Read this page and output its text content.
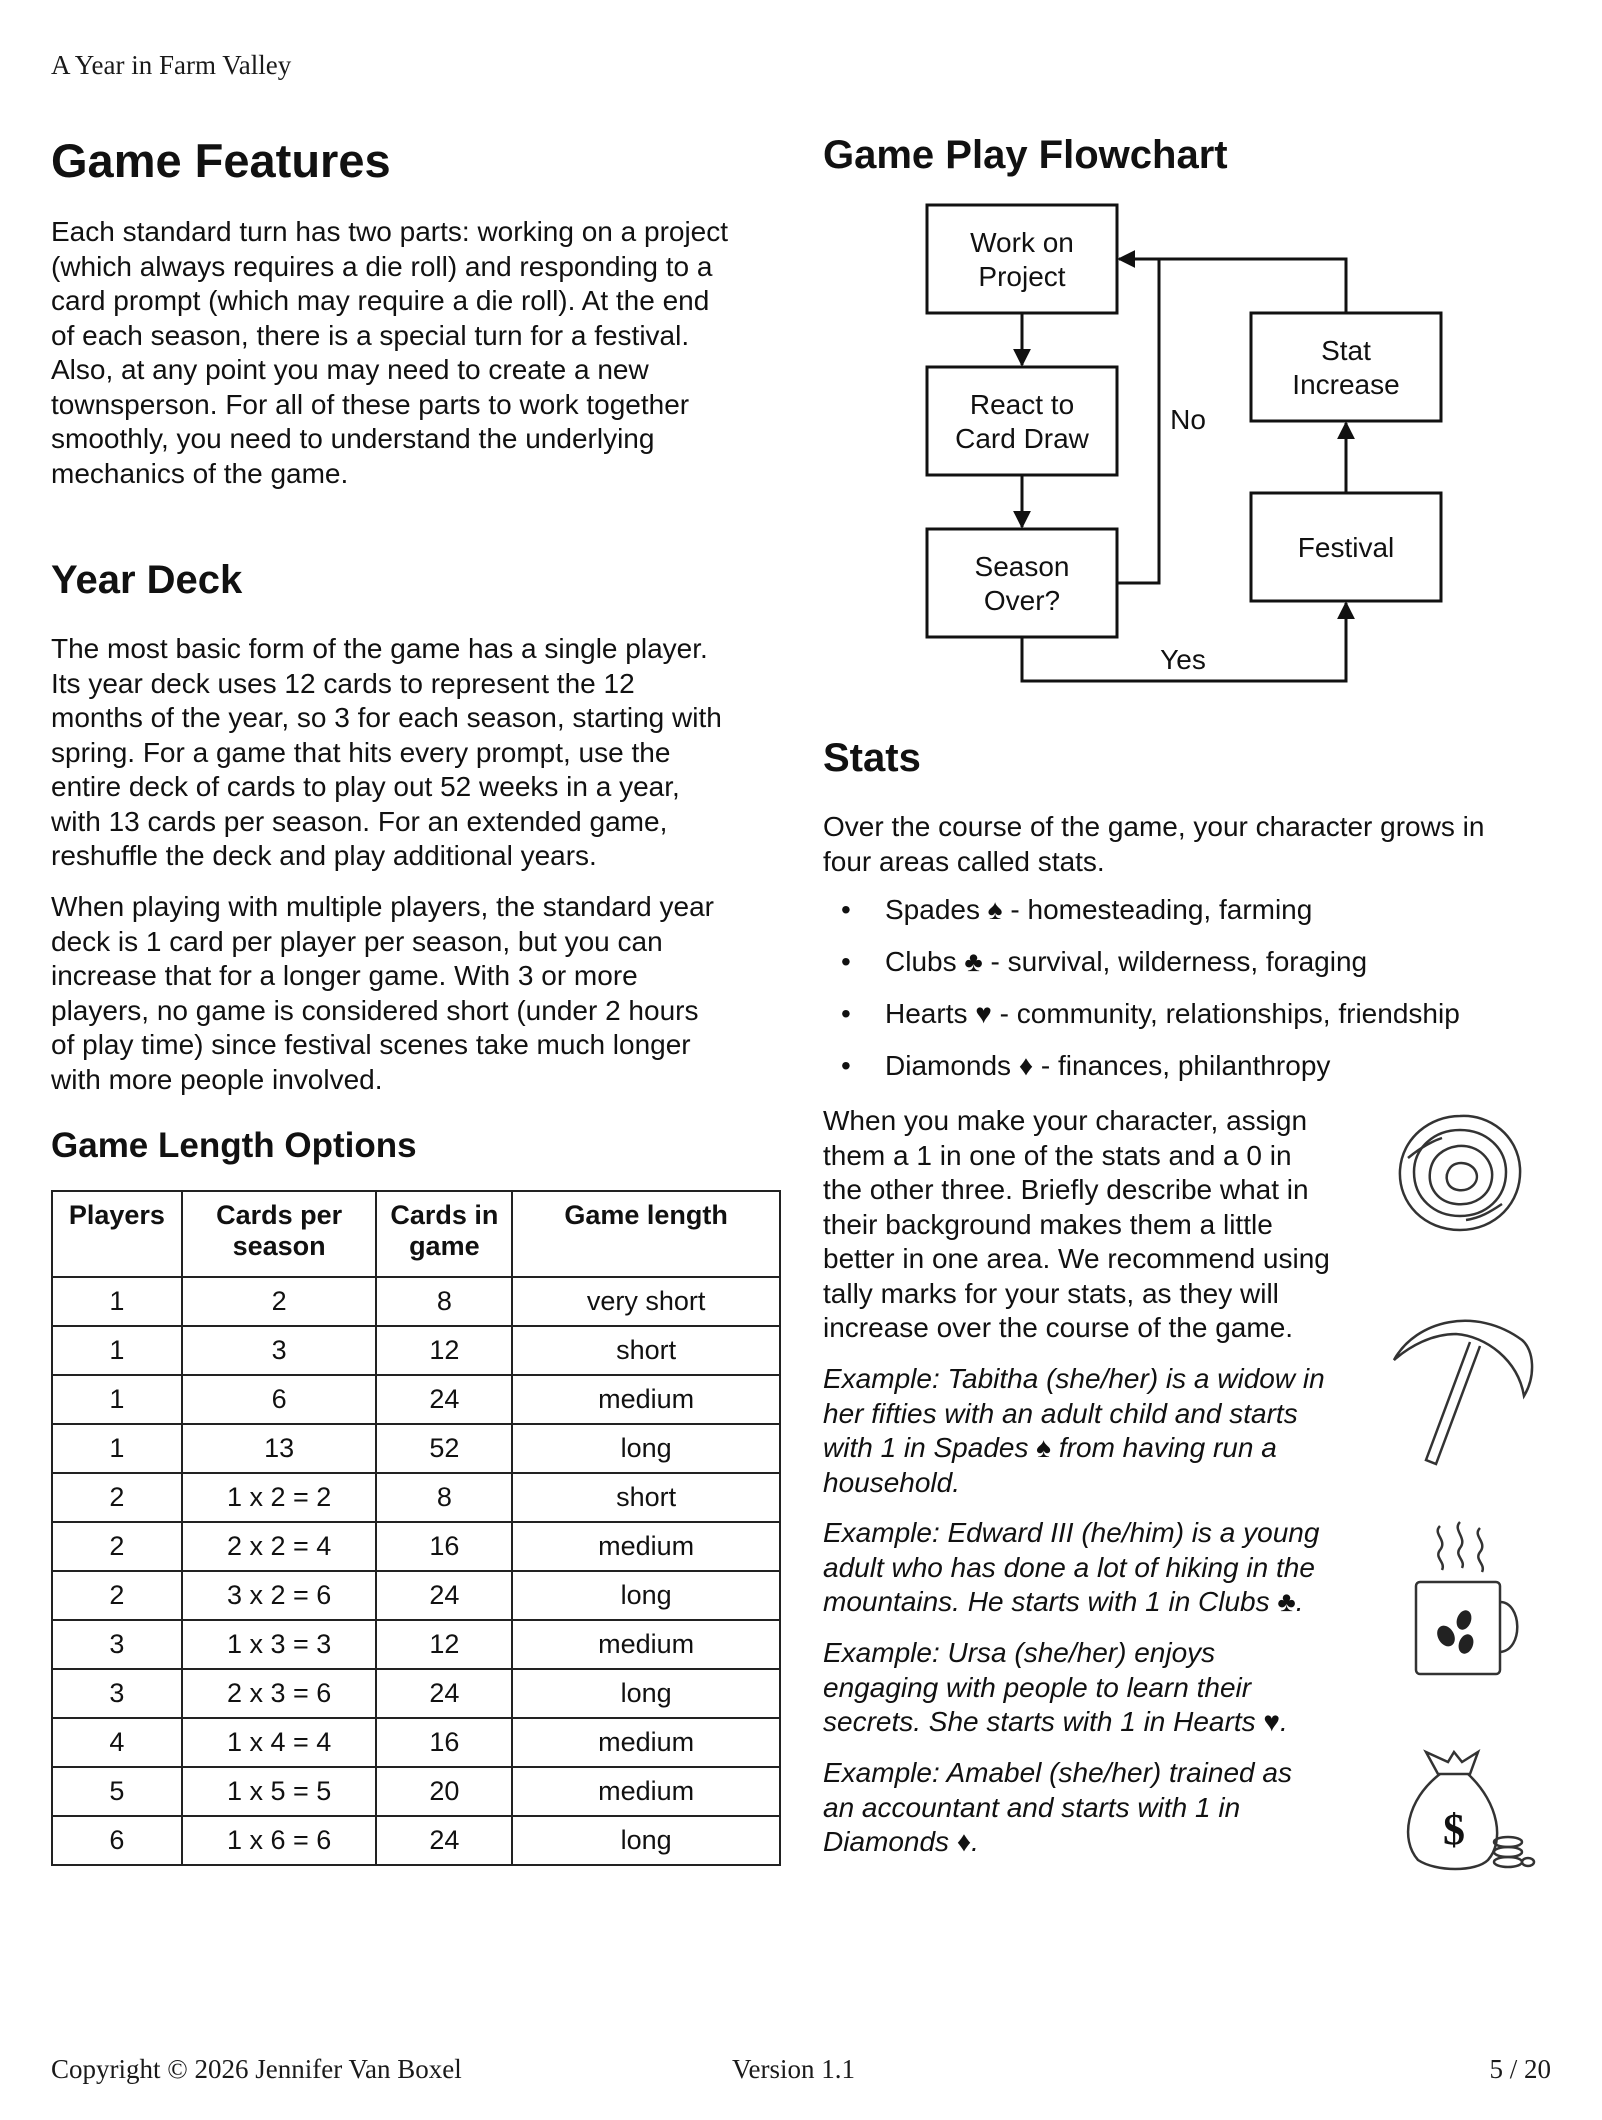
A Year in Farm Valley
Game Features
Each standard turn has two parts: working on a project
(which always requires a die roll) and responding to a
card prompt (which may require a die roll). At the end
of each season, there is a special turn for a festival.
Also, at any point you may need to create a new
townsperson. For all of these parts to work together
smoothly, you need to understand the underlying
mechanics of the game.
Year Deck
The most basic form of the game has a single player.
Its year deck uses 12 cards to represent the 12
months of the year, so 3 for each season, starting with
spring. For a game that hits every prompt, use the
entire deck of cards to play out 52 weeks in a year,
with 13 cards per season. For an extended game,
reshuffle the deck and play additional years.
When playing with multiple players, the standard year
deck is 1 card per player per season, but you can
increase that for a longer game. With 3 or more
players, no game is considered short (under 2 hours
of play time) since festival scenes take much longer
with more people involved.
Game Length Options
Players	Cards per season	Cards in game	Game length
1	2	8	very short
1	3	12	short
1	6	24	medium
1	13	52	long
2	1 x 2 = 2	8	short
2	2 x 2 = 4	16	medium
2	3 x 2 = 6	24	long
3	1 x 3 = 3	12	medium
3	2 x 3 = 6	24	long
4	1 x 4 = 4	16	medium
5	1 x 5 = 5	20	medium
6	1 x 6 = 6	24	long
Game Play Flowchart
Work on
Project
React to
Card Draw
Season
Over?
Stat
Increase
Festival
No
Yes
Stats
Over the course of the game, your character grows in
four areas called stats.
• Spades ♠ - homesteading, farming
• Clubs ♣ - survival, wilderness, foraging
• Hearts ♥ - community, relationships, friendship
• Diamonds ♦ - finances, philanthropy
When you make your character, assign
them a 1 in one of the stats and a 0 in
the other three. Briefly describe what in
their background makes them a little
better in one area. We recommend using
tally marks for your stats, as they will
increase over the course of the game.
Example: Tabitha (she/her) is a widow in
her fifties with an adult child and starts
with 1 in Spades ♠ from having run a
household.
Example: Edward III (he/him) is a young
adult who has done a lot of hiking in the
mountains. He starts with 1 in Clubs ♣.
Example: Ursa (she/her) enjoys
engaging with people to learn their
secrets. She starts with 1 in Hearts ♥.
Example: Amabel (she/her) trained as
an accountant and starts with 1 in
Diamonds ♦.	$
Copyright © 2026 Jennifer Van Boxel	Version 1.1	5 / 20
